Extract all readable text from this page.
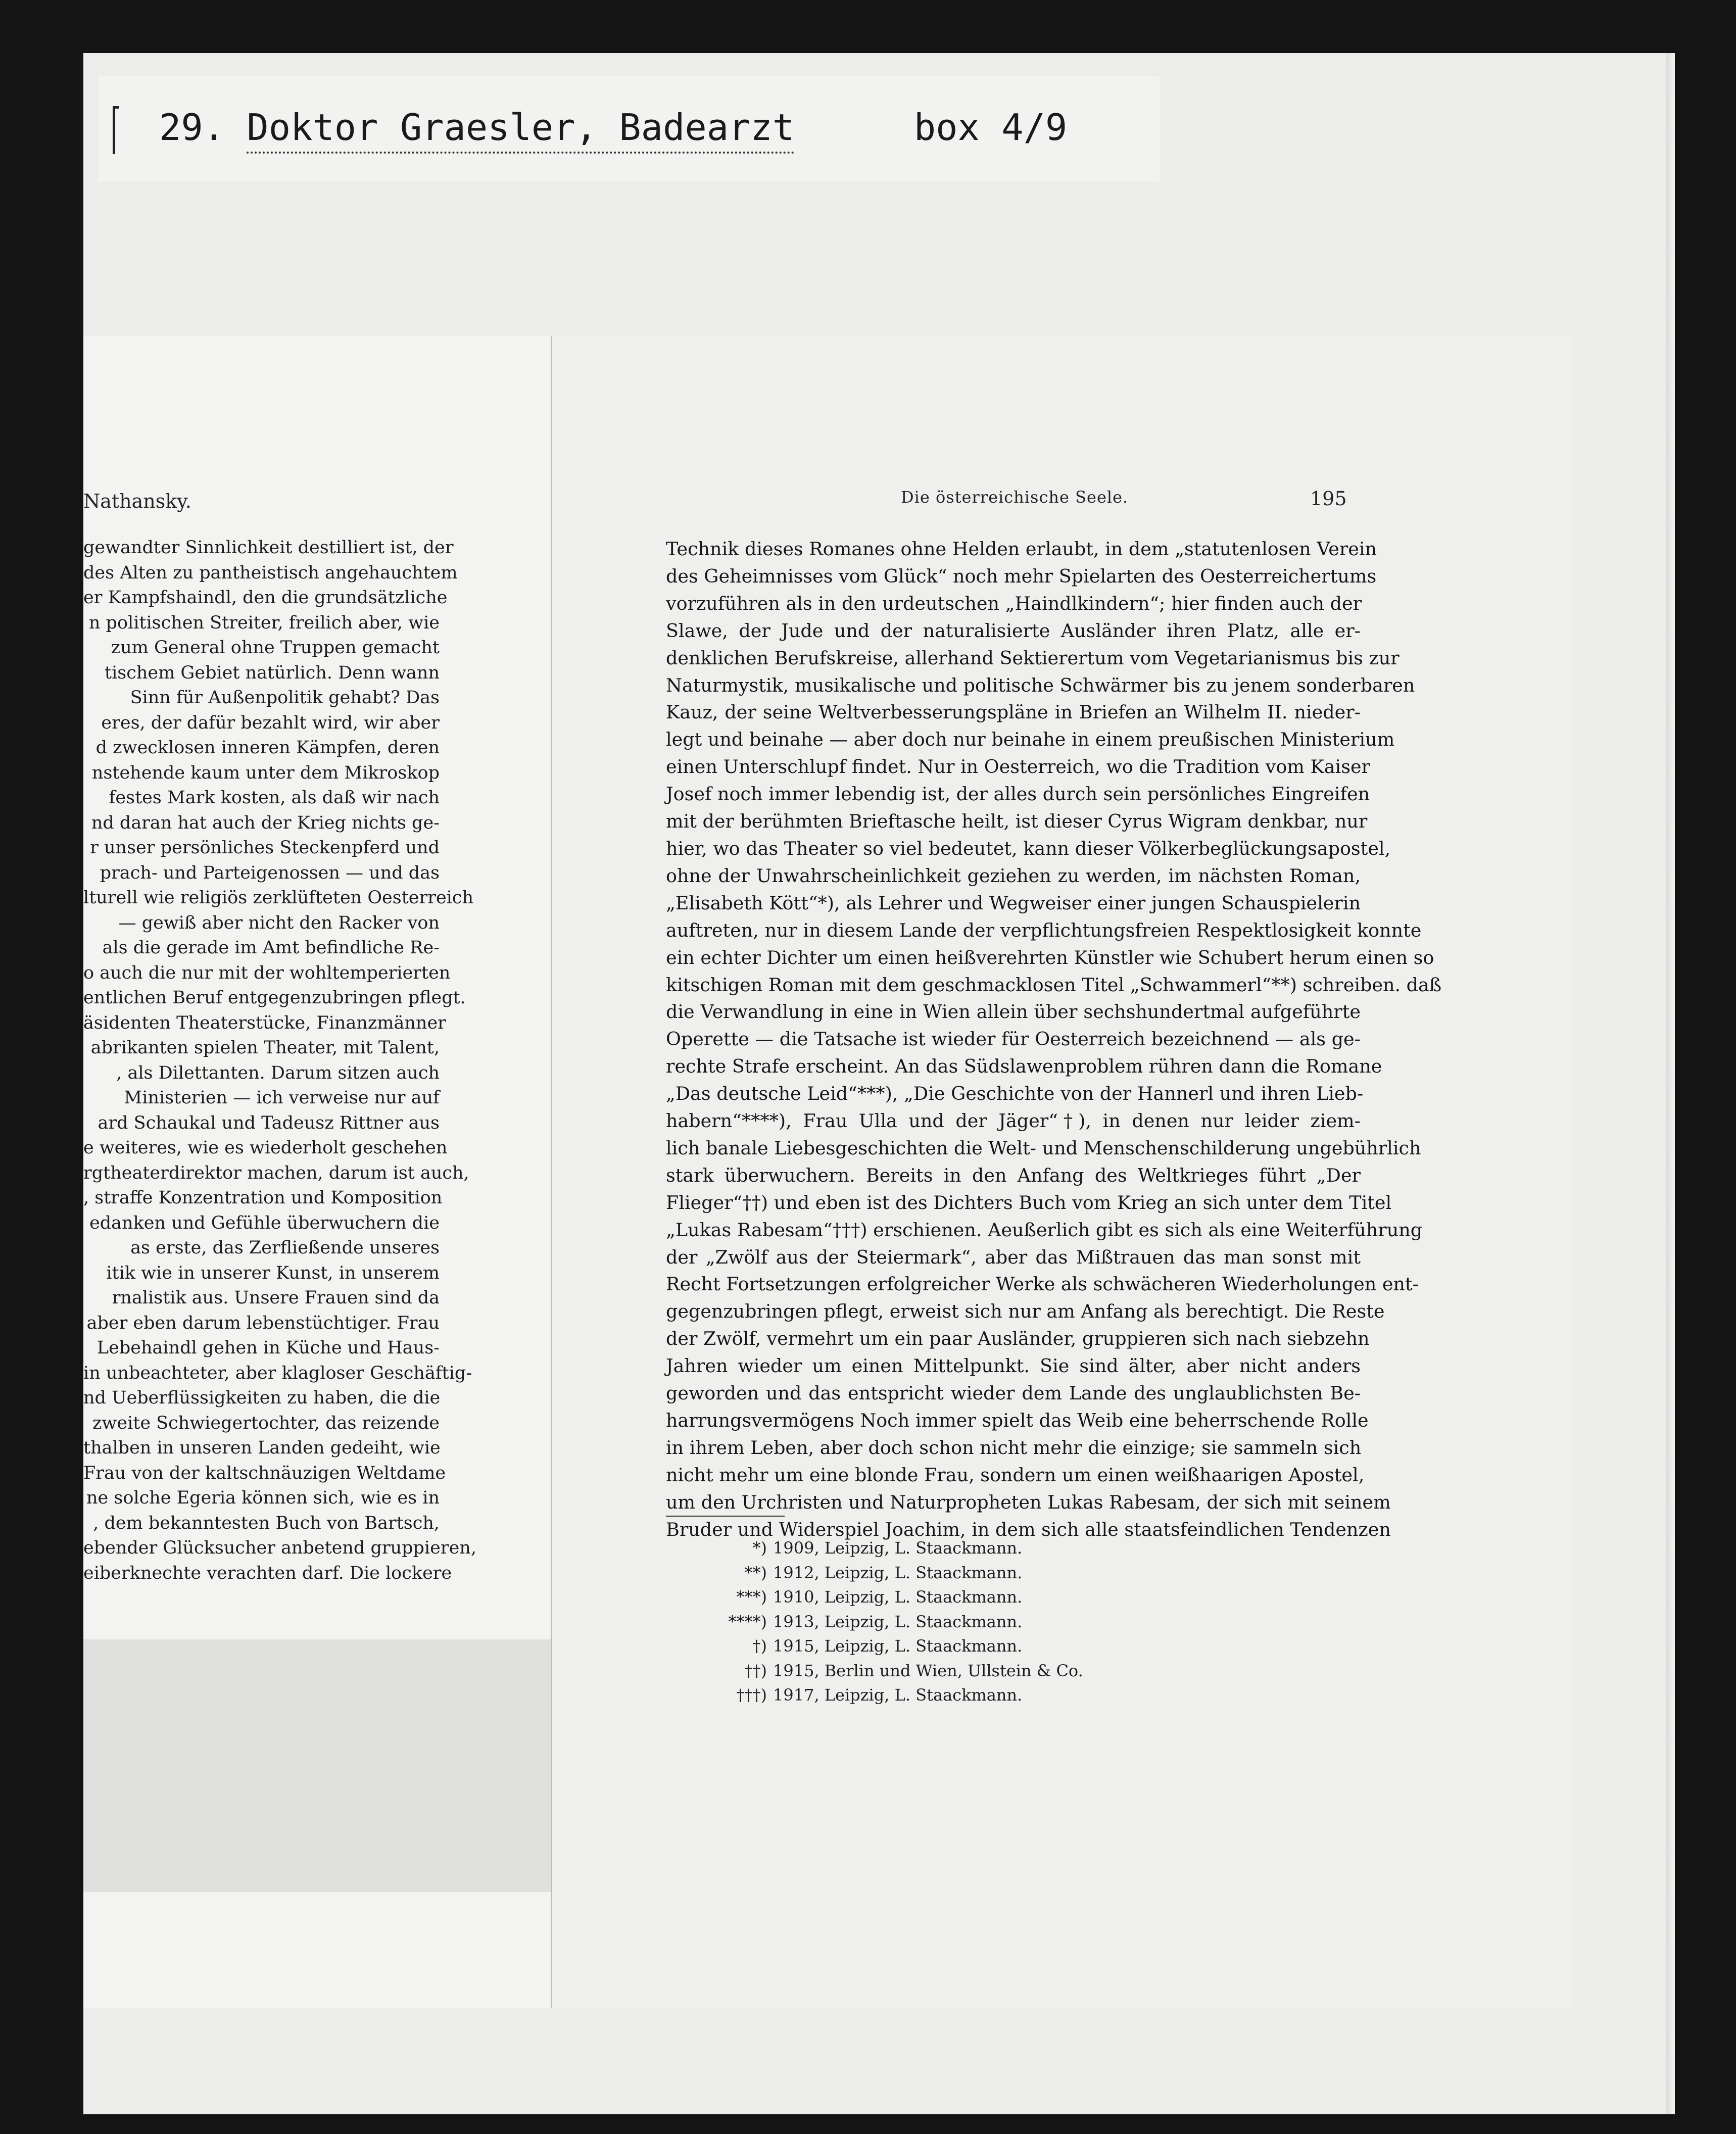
29. Doktor Graesler, Badearzt	box 4/9
Nathansky.
gewandter Sinnlichkeit destilliert ist, der
des Alten zu pantheistisch angehauchtem
er Kampfshaindl, den die grundsätzliche
n politischen Streiter, freilich aber, wie
zum General ohne Truppen gemacht
tischem Gebiet natürlich. Denn wann
Sinn für Außenpolitik gehabt? Das
eres, der dafür bezahlt wird, wir aber
d zwecklosen inneren Kämpfen, deren
nstehende kaum unter dem Mikroskop
festes Mark kosten, als daß wir nach
nd daran hat auch der Krieg nichts ge-
r unser persönliches Steckenpferd und
prach- und Parteigenossen — und das
lturell wie religiös zerklüfteten Oesterreich
— gewiß aber nicht den Racker von
als die gerade im Amt befindliche Re-
o auch die nur mit der wohltemperierten
entlichen Beruf entgegenzubringen pflegt.
äsidenten Theaterstücke, Finanzmänner
abrikanten spielen Theater, mit Talent,
, als Dilettanten. Darum sitzen auch
Ministerien — ich verweise nur auf
ard Schaukal und Tadeusz Rittner aus
e weiteres, wie es wiederholt geschehen
rgtheaterdirektor machen, darum ist auch,
, straffe Konzentration und Komposition
edanken und Gefühle überwuchern die
as erste, das Zerfließende unseres
itik wie in unserer Kunst, in unserem
rnalistik aus. Unsere Frauen sind da
aber eben darum lebenstüchtiger. Frau
Lebehaindl gehen in Küche und Haus-
in unbeachteter, aber klagloser Geschäftig-
nd Ueberflüssigkeiten zu haben, die die
zweite Schwiegertochter, das reizende
thalben in unseren Landen gedeiht, wie
Frau von der kaltschnäuzigen Weltdame
ne solche Egeria können sich, wie es in
, dem bekanntesten Buch von Bartsch,
ebender Glücksucher anbetend gruppieren,
eiberknechte verachten darf. Die lockere
Die österreichische Seele.	195
Technik dieses Romanes ohne Helden erlaubt, in dem „statutenlosen Verein
des Geheimnisses vom Glück“ noch mehr Spielarten des Oesterreichertums
vorzuführen als in den urdeutschen „Haindlkindern“; hier finden auch der
Slawe, der Jude und der naturalisierte Ausländer ihren Platz, alle er-
denklichen Berufskreise, allerhand Sektierertum vom Vegetarianismus bis zur
Naturmystik, musikalische und politische Schwärmer bis zu jenem sonderbaren
Kauz, der seine Weltverbesserungspläne in Briefen an Wilhelm II. nieder-
legt und beinahe — aber doch nur beinahe in einem preußischen Ministerium
einen Unterschlupf findet. Nur in Oesterreich, wo die Tradition vom Kaiser
Josef noch immer lebendig ist, der alles durch sein persönliches Eingreifen
mit der berühmten Brieftasche heilt, ist dieser Cyrus Wigram denkbar, nur
hier, wo das Theater so viel bedeutet, kann dieser Völkerbeglückungsapostel,
ohne der Unwahrscheinlichkeit geziehen zu werden, im nächsten Roman,
„Elisabeth Kött“*), als Lehrer und Wegweiser einer jungen Schauspielerin
auftreten, nur in diesem Lande der verpflichtungsfreien Respektlosigkeit konnte
ein echter Dichter um einen heißverehrten Künstler wie Schubert herum einen so
kitschigen Roman mit dem geschmacklosen Titel „Schwammerl“**) schreiben. daß
die Verwandlung in eine in Wien allein über sechshundertmal aufgeführte
Operette — die Tatsache ist wieder für Oesterreich bezeichnend — als ge-
rechte Strafe erscheint. An das Südslawenproblem rühren dann die Romane
„Das deutsche Leid“***), „Die Geschichte von der Hannerl und ihren Lieb-
habern“****), Frau Ulla und der Jäger“†), in denen nur leider ziem-
lich banale Liebesgeschichten die Welt- und Menschenschilderung ungebührlich
stark überwuchern. Bereits in den Anfang des Weltkrieges führt „Der
Flieger“††) und eben ist des Dichters Buch vom Krieg an sich unter dem Titel
„Lukas Rabesam“†††) erschienen. Aeußerlich gibt es sich als eine Weiterführung
der „Zwölf aus der Steiermark“, aber das Mißtrauen das man sonst mit
Recht Fortsetzungen erfolgreicher Werke als schwächeren Wiederholungen ent-
gegenzubringen pflegt, erweist sich nur am Anfang als berechtigt. Die Reste
der Zwölf, vermehrt um ein paar Ausländer, gruppieren sich nach siebzehn
Jahren wieder um einen Mittelpunkt. Sie sind älter, aber nicht anders
geworden und das entspricht wieder dem Lande des unglaublichsten Be-
harrungsvermögens Noch immer spielt das Weib eine beherrschende Rolle
in ihrem Leben, aber doch schon nicht mehr die einzige; sie sammeln sich
nicht mehr um eine blonde Frau, sondern um einen weißhaarigen Apostel,
um den Urchristen und Naturpropheten Lukas Rabesam, der sich mit seinem
Bruder und Widerspiel Joachim, in dem sich alle staatsfeindlichen Tendenzen
*) 1909, Leipzig, L. Staackmann.
**) 1912, Leipzig, L. Staackmann.
***) 1910, Leipzig, L. Staackmann.
****) 1913, Leipzig, L. Staackmann.
†) 1915, Leipzig, L. Staackmann.
††) 1915, Berlin und Wien, Ullstein & Co.
†††) 1917, Leipzig, L. Staackmann.
